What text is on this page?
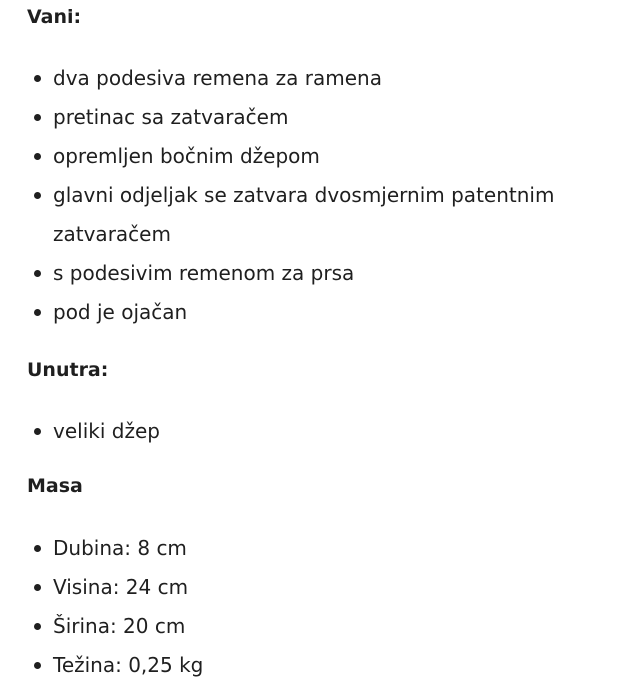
Vani:
dva podesiva remena za ramena
pretinac sa zatvaračem
opremljen bočnim džepom
glavni odjeljak se zatvara dvosmjernim patentnim zatvaračem
s podesivim remenom za prsa
pod je ojačan
Unutra:
veliki džep
Masa
Dubina: 8 cm
Visina: 24 cm
Širina: 20 cm
Težina: 0,25 kg
